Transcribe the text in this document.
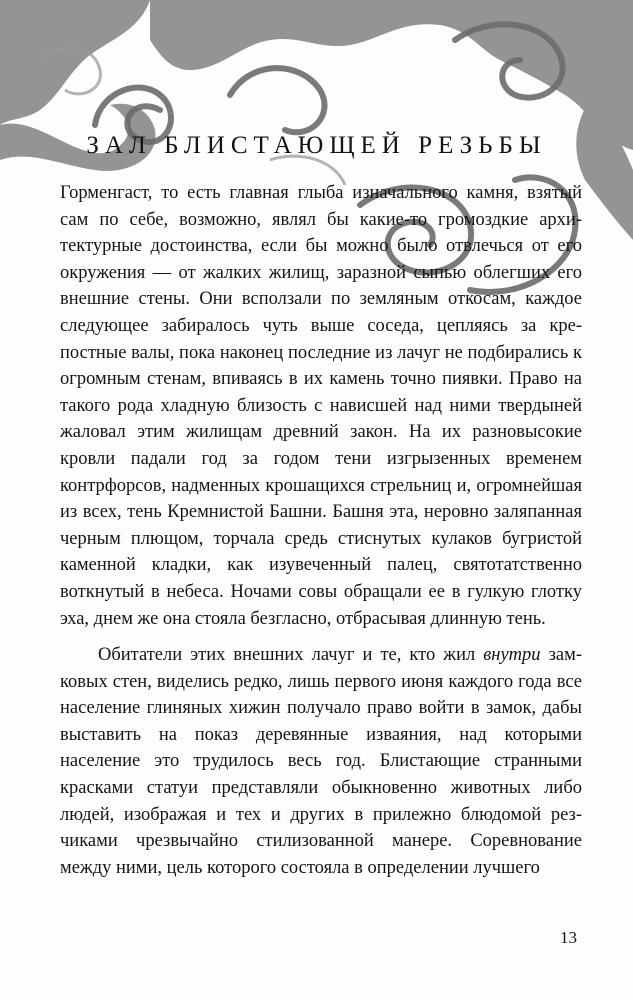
ЗАЛ БЛИСТАЮЩЕЙ РЕЗЬБЫ

Горменгаст, то есть главная глыба изначального камня, взятый сам по себе, возможно, являл бы какие-то громоздкие архитектурные достоинства, если бы можно было отвлечься от его окружения — от жалких жилищ, заразной сыпью облегших его внешние стены. Они всползали по земляным откосам, каждое следующее забиралось чуть выше соседа, цепляясь за крепостные валы, пока наконец последние из лачуг не подбирались к огромным стенам, впиваясь в их камень точно пиявки. Право на такого рода хладную близость с нависшей над ними твердыней жаловал этим жилищам древний закон. На их разновысокие кровли падали год за годом тени изгрызенных временем контрфорсов, надменных крошащихся стрельниц и, огромнейшая из всех, тень Кремнистой Башни. Башня эта, неровно заляпанная черным плющом, торчала средь стиснутых кулаков бугристой каменной кладки, как изувеченный палец, святотатственно воткнутый в небеса. Ночами совы обращали ее в гулкую глотку эха, днем же она стояла безгласно, отбрасывая длинную тень.

Обитатели этих внешних лачуг и те, кто жил внутри замковых стен, виделись редко, лишь первого июня каждого года все население глиняных хижин получало право войти в замок, дабы выставить на показ деревянные изваяния, над которыми население это трудилось весь год. Блистающие странными красками статуи представляли обыкновенно животных либо людей, изображая и тех и других в прилежно блюдомой резчиками чрезвычайно стилизованной манере. Соревнование между ними, цель которого состояла в определении лучшего

13
